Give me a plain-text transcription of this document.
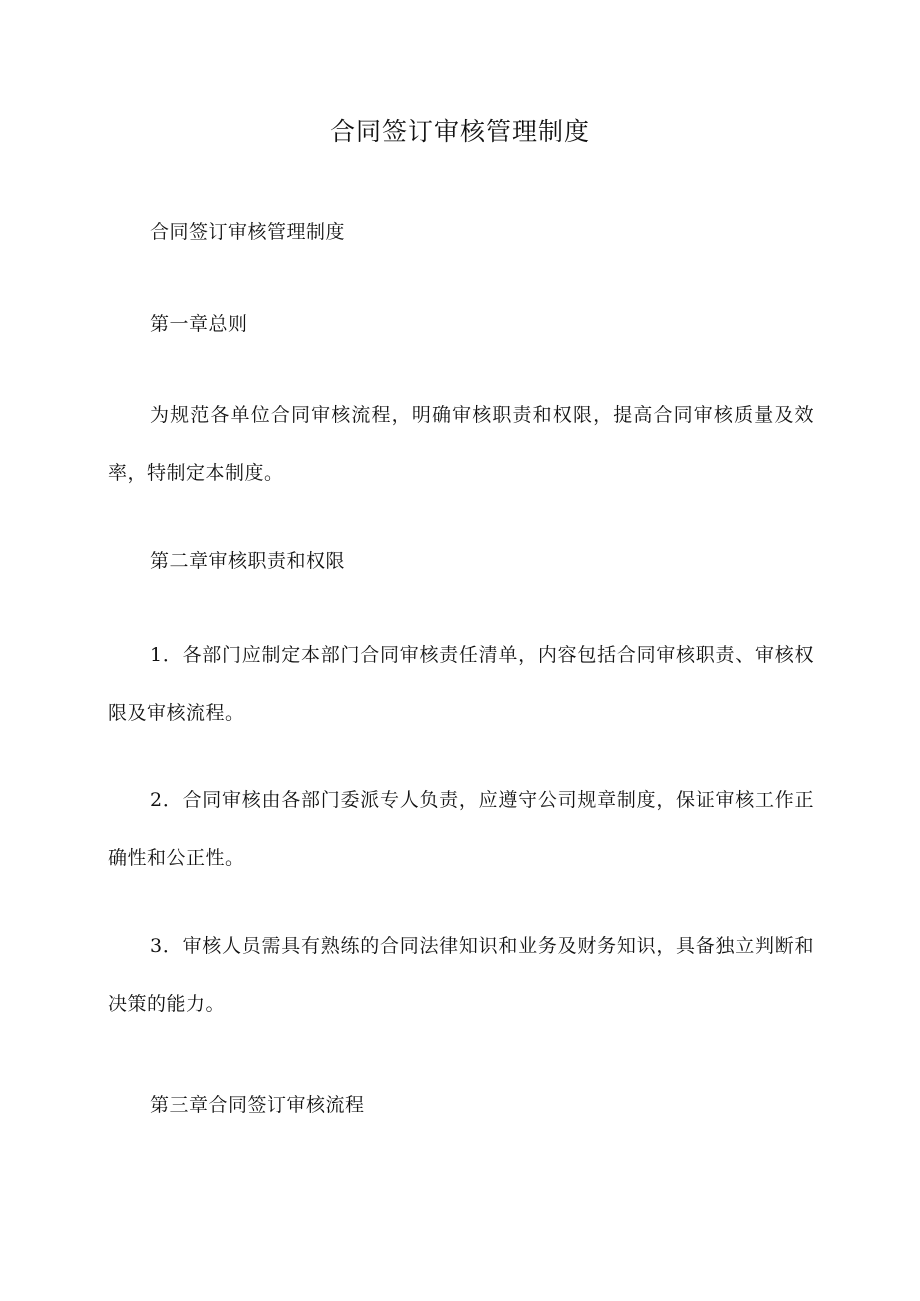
合同签订审核管理制度

合同签订审核管理制度

第一章总则

为规范各单位合同审核流程，明确审核职责和权限，提高合同审核质量及效率，特制定本制度。

第二章审核职责和权限

1．各部门应制定本部门合同审核责任清单，内容包括合同审核职责、审核权限及审核流程。

2．合同审核由各部门委派专人负责，应遵守公司规章制度，保证审核工作正确性和公正性。

3．审核人员需具有熟练的合同法律知识和业务及财务知识，具备独立判断和决策的能力。

第三章合同签订审核流程
